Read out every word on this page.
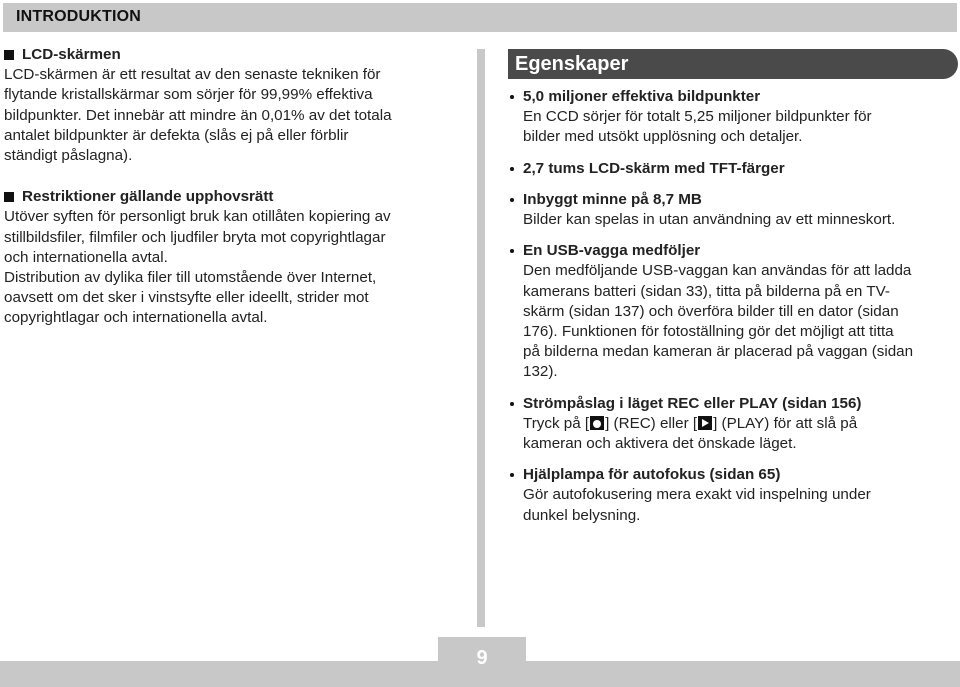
INTRODUKTION
LCD-skärmen
LCD-skärmen är ett resultat av den senaste tekniken för
flytande kristallskärmar som sörjer för 99,99% effektiva
bildpunkter. Det innebär att mindre än 0,01% av det totala
antalet bildpunkter är defekta (slås ej på eller förblir
ständigt påslagna).
Restriktioner gällande upphovsrätt
Utöver syften för personligt bruk kan otillåten kopiering av
stillbildsfiler, filmfiler och ljudfiler bryta mot copyrightlagar
och internationella avtal.
Distribution av dylika filer till utomstående över Internet,
oavsett om det sker i vinstsyfte eller ideellt, strider mot
copyrightlagar och internationella avtal.
Egenskaper
5,0 miljoner effektiva bildpunkter
En CCD sörjer för totalt 5,25 miljoner bildpunkter för
bilder med utsökt upplösning och detaljer.
2,7 tums LCD-skärm med TFT-färger
Inbyggt minne på 8,7 MB
Bilder kan spelas in utan användning av ett minneskort.
En USB-vagga medföljer
Den medföljande USB-vaggan kan användas för att ladda
kamerans batteri (sidan 33), titta på bilderna på en TV-
skärm (sidan 137) och överföra bilder till en dator (sidan
176). Funktionen för fotoställning gör det möjligt att titta
på bilderna medan kameran är placerad på vaggan (sidan
132).
Strömpåslag i läget REC eller PLAY (sidan 156)
Tryck på [ ] (REC) eller [ ] (PLAY) för att slå på
kameran och aktivera det önskade läget.
Hjälplampa för autofokus (sidan 65)
Gör autofokusering mera exakt vid inspelning under
dunkel belysning.
9
